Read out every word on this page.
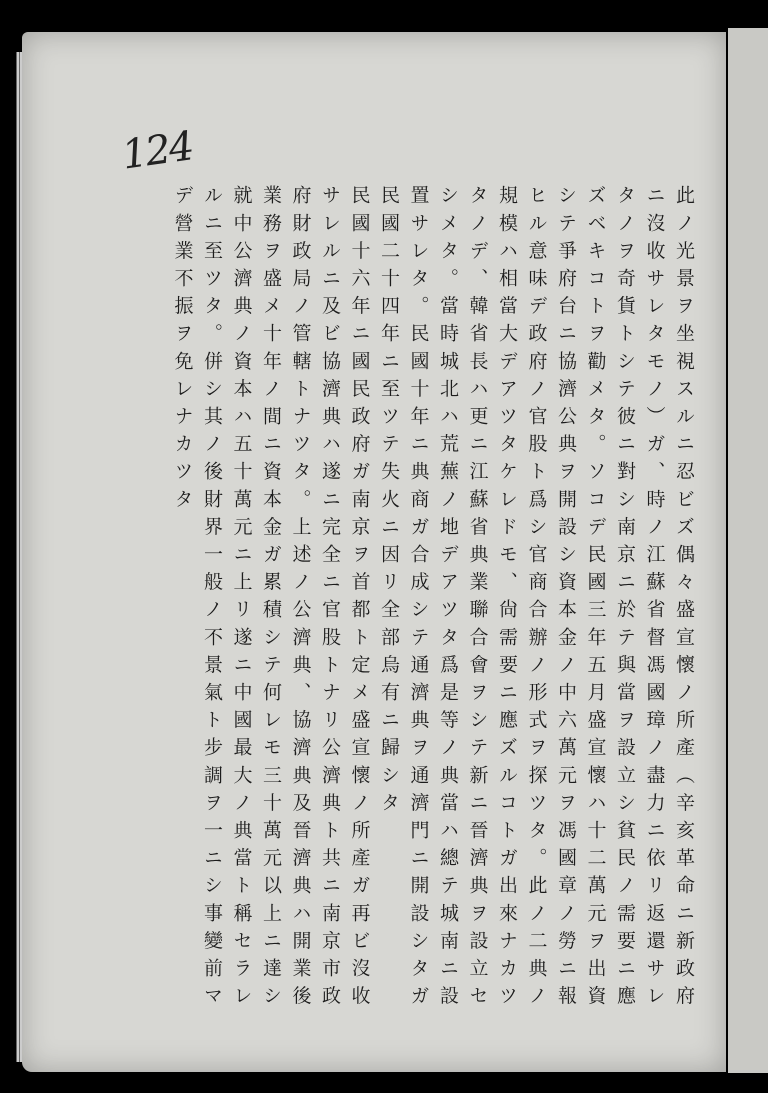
124
此ノ光景ヲ坐視スルニ忍ビズ偶々盛宣懷ノ所產（辛亥革命ニ新政府
ニ沒收サレタモノ）ガ、時ノ江蘇省督馮國璋ノ盡力ニ依リ返還サレ
タノヲ奇貨トシテ彼ニ對シ南京ニ於テ與當ヲ設立シ貧民ノ需要ニ應
ズベキコトヲ勸メタ。ソコデ民國三年五月盛宣懷ハ十二萬元ヲ出資
シテ爭府台ニ協濟公典ヲ開設シ資本金ノ中六萬元ヲ馮國章ノ勞ニ報
ヒル意味デ政府ノ官股ト爲シ官商合辦ノ形式ヲ探ツタ。此ノ二典ノ
規模ハ相當大デアツタケレドモ、尙需要ニ應ズルコトガ出來ナカツ
タノデ、韓省長ハ更ニ江蘇省典業聯合會ヲシテ新ニ晉濟典ヲ設立セ
シメタ。當時城北ハ荒蕪ノ地デアツタ爲是等ノ典當ハ總テ城南ニ設
置サレタ。民國十年ニ典商ガ合成シテ通濟典ヲ通濟門ニ開設シタガ
民國二十四年ニ至ツテ失火ニ因リ全部烏有ニ歸シタ
民國十六年ニ國民政府ガ南京ヲ首都ト定メ盛宣懷ノ所產ガ再ビ沒收
サレルニ及ビ協濟典ハ遂ニ完全ニ官股トナリ公濟典ト共ニ南京市政
府財政局ノ管轄トナツタ。上述ノ公濟典、協濟典及晉濟典ハ開業後
業務ヲ盛メ十年ノ間ニ資本金ガ累積シテ何レモ三十萬元以上ニ達シ
就中公濟典ノ資本ハ五十萬元ニ上リ遂ニ中國最大ノ典當ト稱セラレ
ルニ至ツタ。併シ其ノ後財界一般ノ不景氣ト步調ヲ一ニシ事變前マ
デ營業不振ヲ免レナカツタ
